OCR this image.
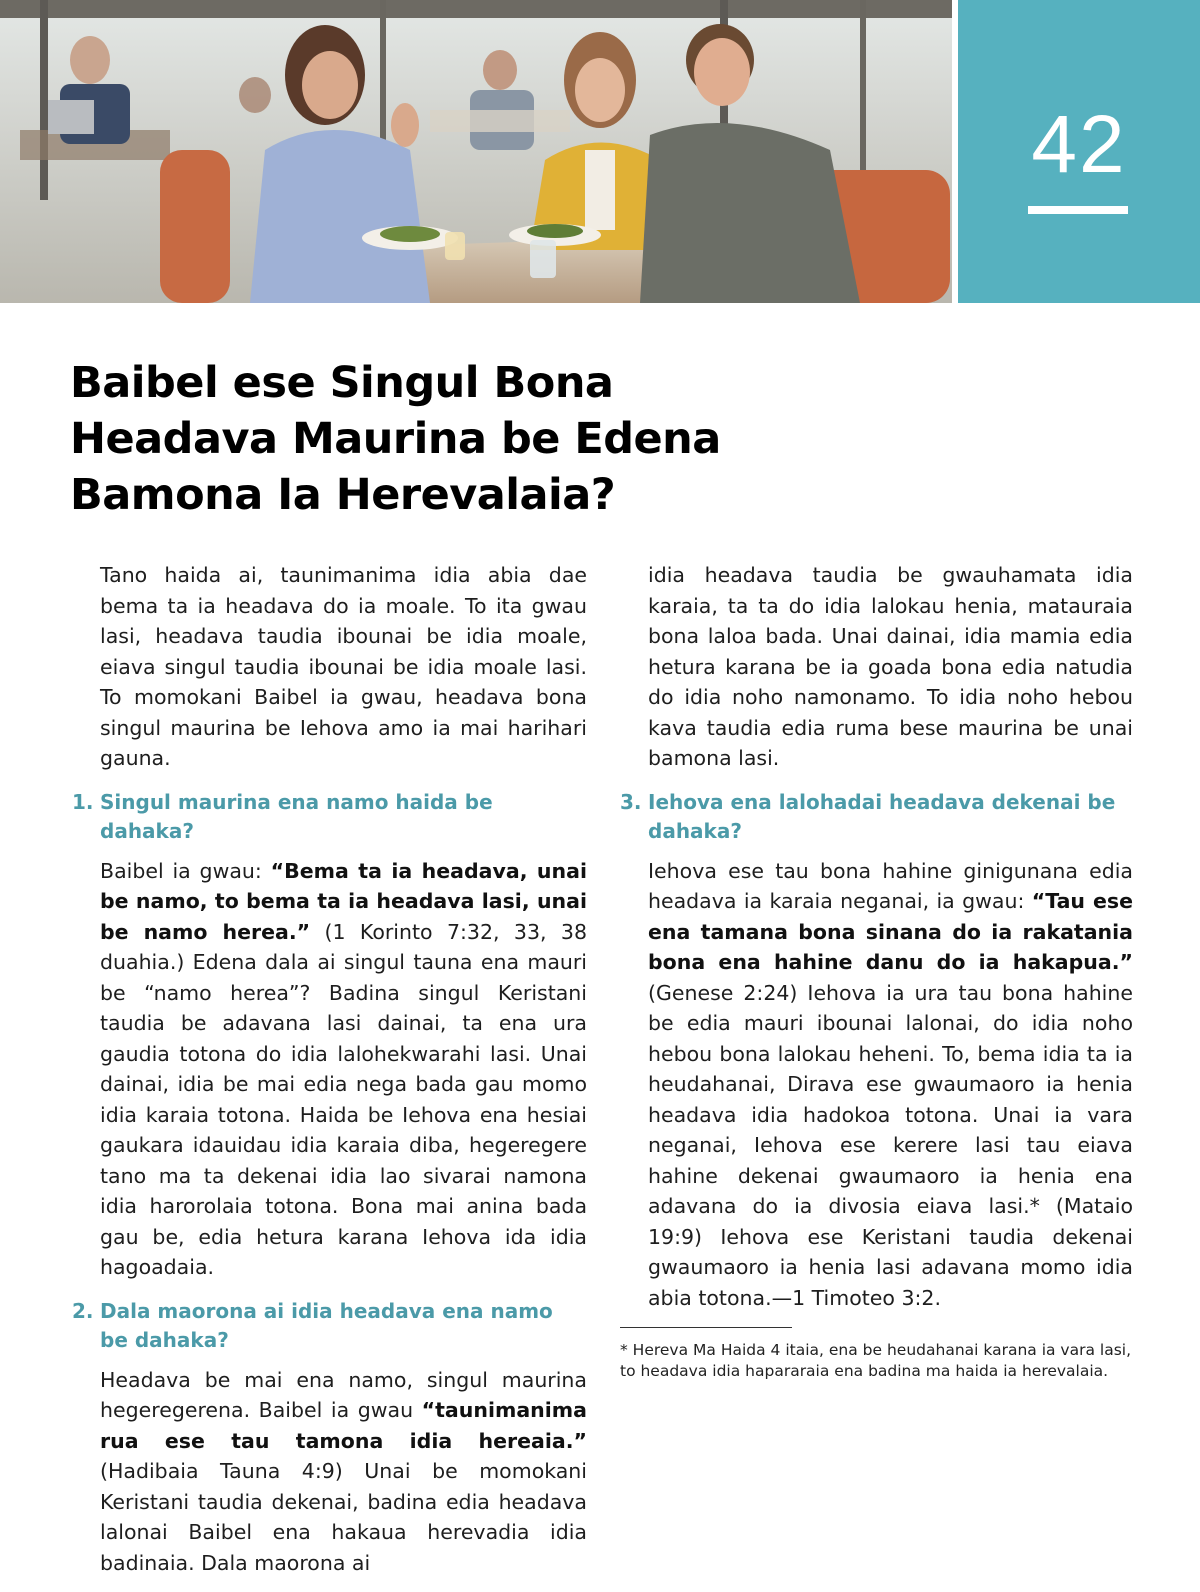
42
Baibel ese Singul Bona
Headava Maurina be Edena
Bamona Ia Herevalaia?

Tano haida ai, taunimanima idia abia dae bema ta ia headava do ia moale. To ita gwau lasi, headava taudia ibounai be idia moale, eiava singul taudia ibounai be idia moale lasi. To momokani Baibel ia gwau, headava bona singul maurina be Iehova amo ia mai harihari gauna.

1. Singul maurina ena namo haida be dahaka?

Baibel ia gwau: “Bema ta ia headava, unai be namo, to bema ta ia headava lasi, unai be namo herea.” (1 Korinto 7:32, 33, 38 duahia.) Edena dala ai singul tauna ena mauri be “namo herea”? Badina singul Keristani taudia be adavana lasi dainai, ta ena ura gaudia totona do idia lalohekwarahi lasi. Unai dainai, idia be mai edia nega bada gau momo idia karaia totona. Haida be Iehova ena hesiai gaukara idauidau idia karaia diba, hegeregere tano ma ta dekenai idia lao sivarai namona idia harorolaia totona. Bona mai anina bada gau be, edia hetura karana Iehova ida idia hagoadaia.

2. Dala maorona ai idia headava ena namo be dahaka?

Headava be mai ena namo, singul maurina hegeregerena. Baibel ia gwau “taunimanima rua ese tau tamona idia hereaia.” (Hadibaia Tauna 4:9) Unai be momokani Keristani taudia dekenai, badina edia headava lalonai Baibel ena hakaua herevadia idia badinaia. Dala maorona ai

idia headava taudia be gwauhamata idia karaia, ta ta do idia lalokau henia, matauraia bona laloa bada. Unai dainai, idia mamia edia hetura karana be ia goada bona edia natudia do idia noho namonamo. To idia noho hebou kava taudia edia ruma bese maurina be unai bamona lasi.

3. Iehova ena lalohadai headava dekenai be dahaka?

Iehova ese tau bona hahine ginigunana edia headava ia karaia neganai, ia gwau: “Tau ese ena tamana bona sinana do ia rakatania bona ena hahine danu do ia hakapua.” (Genese 2:24) Iehova ia ura tau bona hahine be edia mauri ibounai lalonai, do idia noho hebou bona lalokau heheni. To, bema idia ta ia heudahanai, Dirava ese gwaumaoro ia henia headava idia hadokoa totona. Unai ia vara neganai, Iehova ese kerere lasi tau eiava hahine dekenai gwaumaoro ia henia ena adavana do ia divosia eiava lasi.* (Mataio 19:9) Iehova ese Keristani taudia dekenai gwaumaoro ia henia lasi adavana momo idia abia totona.—1 Timoteo 3:2.

* Hereva Ma Haida 4 itaia, ena be heudahanai karana ia vara lasi, to headava idia hapararaia ena badina ma haida ia herevalaia.
